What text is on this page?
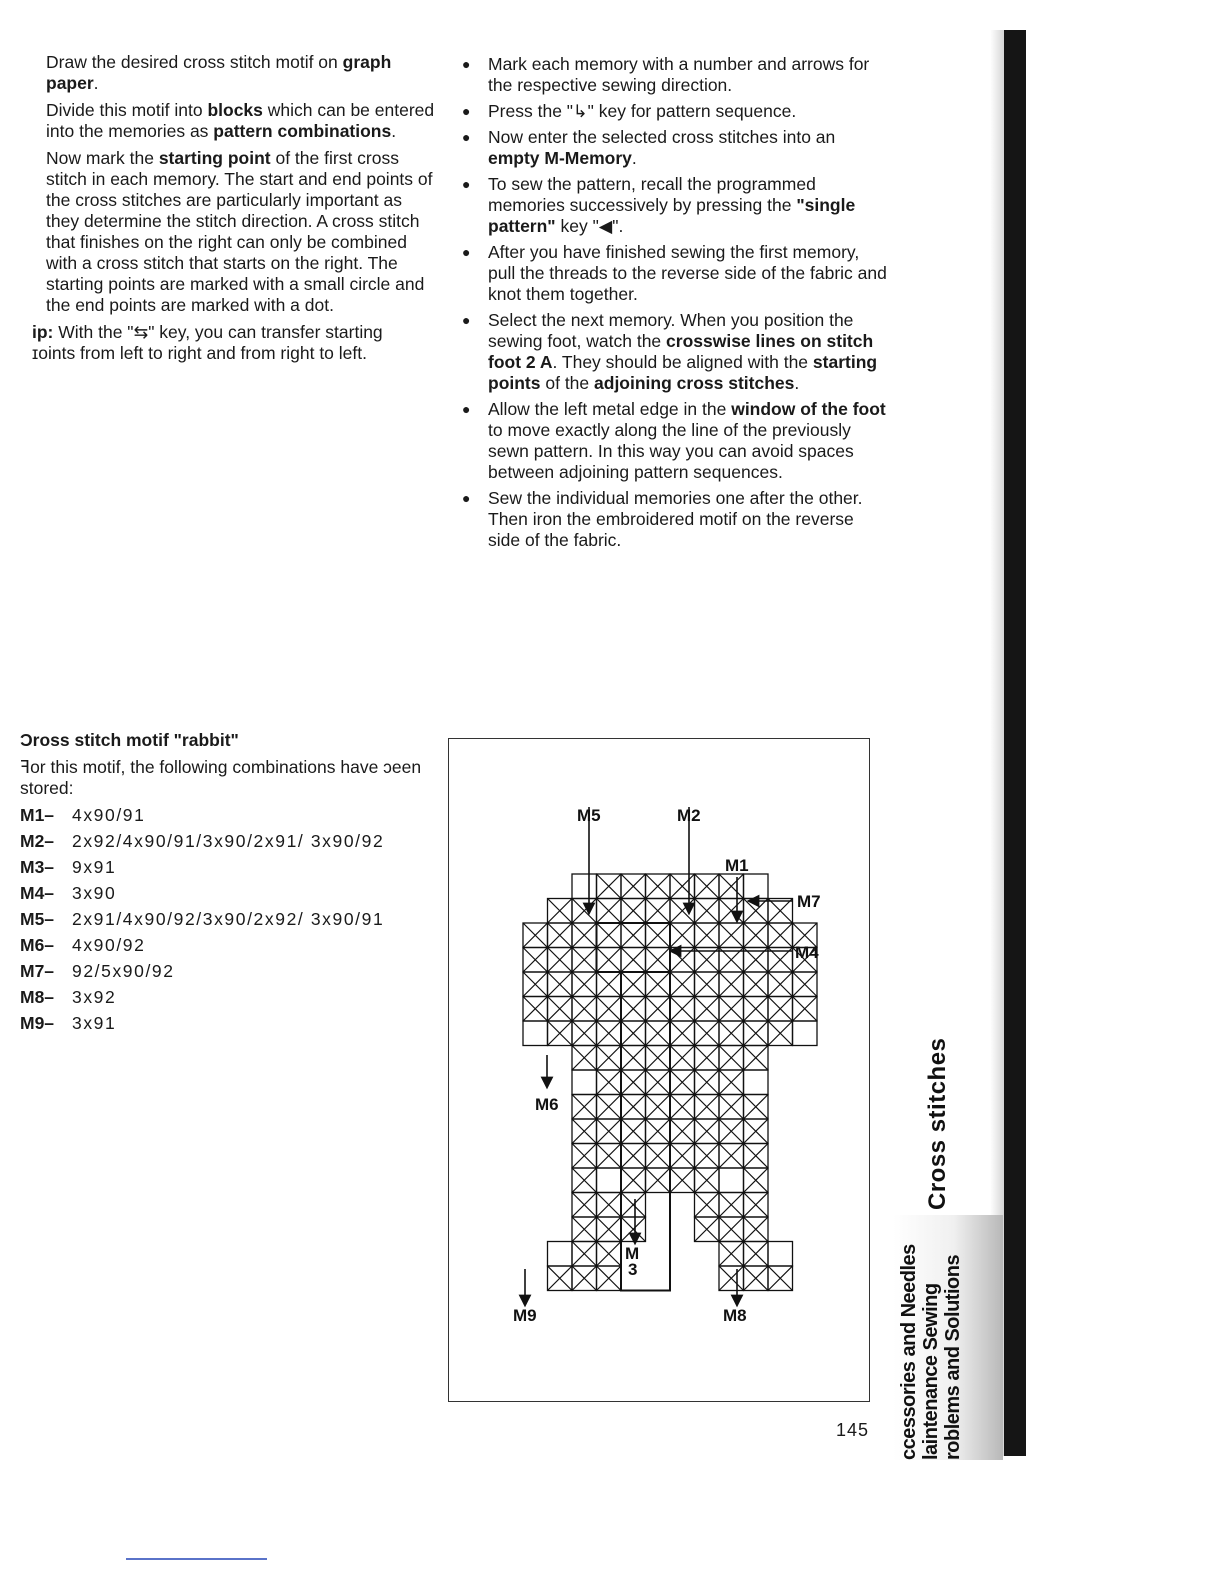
Draw the desired cross stitch motif on graph paper.

Divide this motif into blocks which can be entered into the memories as pattern combinations.

Now mark the starting point of the first cross stitch in each memory. The start and end points of the cross stitches are particularly important as they determine the stitch direction. A cross stitch that finishes on the right can only be combined with a cross stitch that starts on the right. The starting points are marked with a small circle and the end points are marked with a dot.

ip: With the "⇆" key, you can transfer starting
ɪoints from left to right and from right to left.

● Mark each memory with a number and arrows for the respective sewing direction.
● Press the "↳" key for pattern sequence.
● Now enter the selected cross stitches into an empty M-Memory.
● To sew the pattern, recall the programmed memories successively by pressing the "single pattern" key "◀".
● After you have finished sewing the first memory, pull the threads to the reverse side of the fabric and knot them together.
● Select the next memory. When you position the sewing foot, watch the crosswise lines on stitch foot 2 A. They should be aligned with the starting points of the adjoining cross stitches.
● Allow the left metal edge in the window of the foot to move exactly along the line of the previously sewn pattern. In this way you can avoid spaces between adjoining pattern sequences.
● Sew the individual memories one after the other. Then iron the embroidered motif on the reverse side of the fabric.

Ɔross stitch motif "rabbit"

ꟻor this motif, the following combinations have ɔeen stored:

M1–	4x90/91
M2–	2x92/4x90/91/3x90/2x91/ 3x90/92
M3–	9x91
M4–	3x90
M5–	2x91/4x90/92/3x90/2x92/ 3x90/91
M6–	4x90/92
M7–	92/5x90/92
M8–	3x92
M9–	3x91
M5	M2
M1
M7
M4
M6
M
3
M9	M8
145
Cross stitches
ccessories and Needles laintenance Sewing roblems and Solutions
